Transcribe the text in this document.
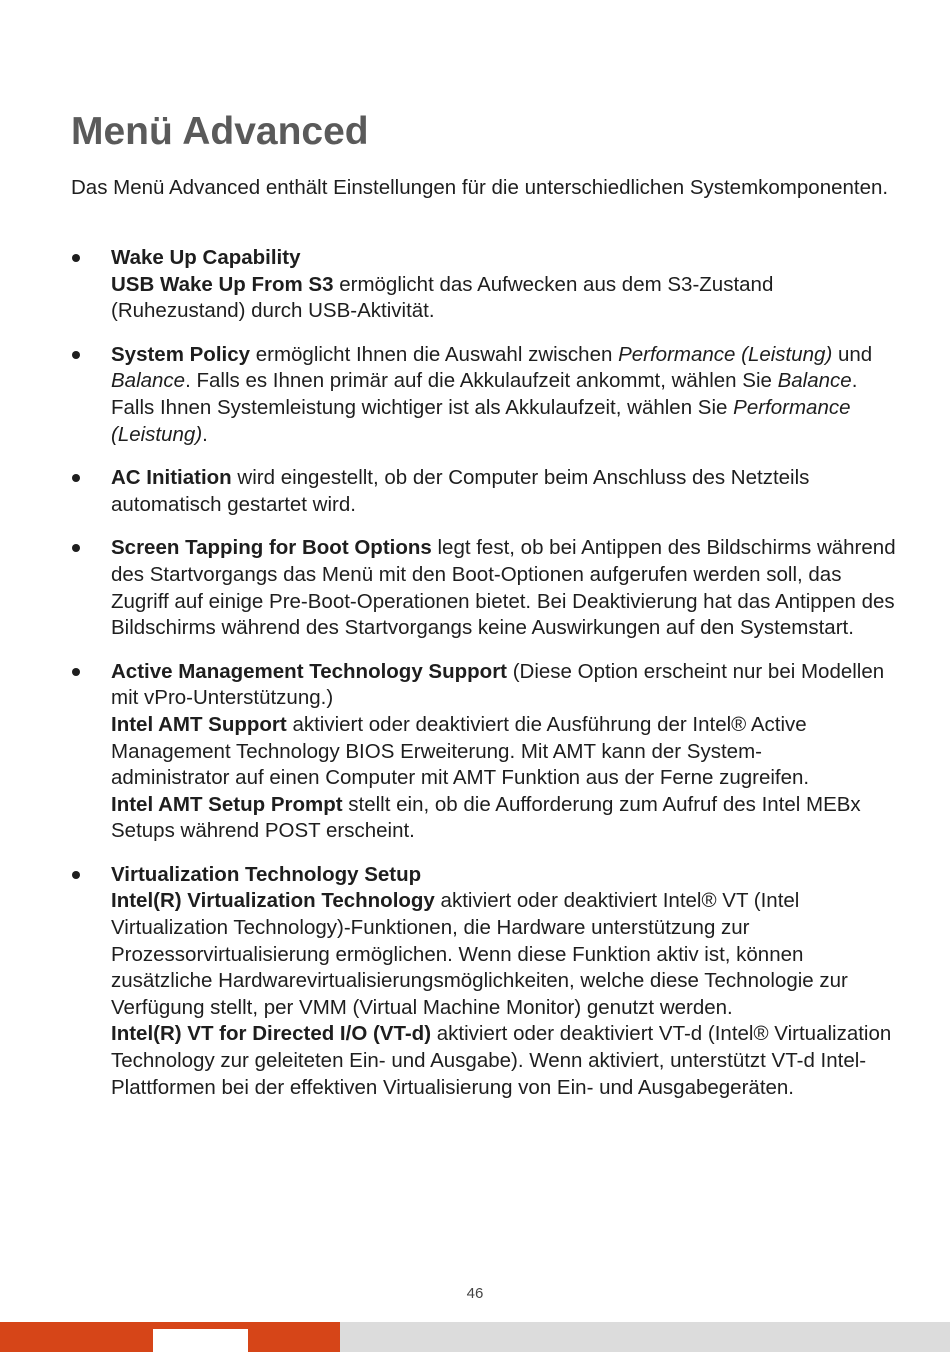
Menü Advanced

Das Menü Advanced enthält Einstellungen für die unterschiedlichen Systemkomponenten.

Wake Up Capability

USB Wake Up From S3 ermöglicht das Aufwecken aus dem S3-Zustand (Ruhezustand) durch USB-Aktivität.

System Policy ermöglicht Ihnen die Auswahl zwischen Performance (Leistung) und Balance. Falls es Ihnen primär auf die Akkulaufzeit ankommt, wählen Sie Balance. Falls Ihnen Systemleistung wichtiger ist als Akkulaufzeit, wählen Sie Performance (Leistung).

AC Initiation wird eingestellt, ob der Computer beim Anschluss des Netzteils automatisch gestartet wird.

Screen Tapping for Boot Options legt fest, ob bei Antippen des Bildschirms während des Startvorgangs das Menü mit den Boot-Optionen aufgerufen werden soll, das Zugriff auf einige Pre-Boot-Operationen bietet. Bei Deaktivierung hat das Antippen des Bildschirms während des Startvorgangs keine Auswirkungen auf den Systemstart.

Active Management Technology Support (Diese Option erscheint nur bei Modellen mit vPro-Unterstützung.)

Intel AMT Support aktiviert oder deaktiviert die Ausführung der Intel® Active Management Technology BIOS Erweiterung. Mit AMT kann der System-

administrator auf einen Computer mit AMT Funktion aus der Ferne zugreifen.

Intel AMT Setup Prompt stellt ein, ob die Aufforderung zum Aufruf des Intel MEBx Setups während POST erscheint.

Virtualization Technology Setup

Intel(R) Virtualization Technology aktiviert oder deaktiviert Intel® VT (Intel Virtualization Technology)-Funktionen, die Hardware unterstützung zur Prozessorvirtualisierung ermöglichen. Wenn diese Funktion aktiv ist, können zusätzliche Hardwarevirtualisierungsmöglichkeiten, welche diese Technologie zur Verfügung stellt, per VMM (Virtual Machine Monitor) genutzt werden.

Intel(R) VT for Directed I/O (VT-d) aktiviert oder deaktiviert VT-d (Intel® Virtualization Technology zur geleiteten Ein- und Ausgabe). Wenn aktiviert, unterstützt VT-d Intel-Plattformen bei der effektiven Virtualisierung von Ein- und Ausgabegeräten.

46
